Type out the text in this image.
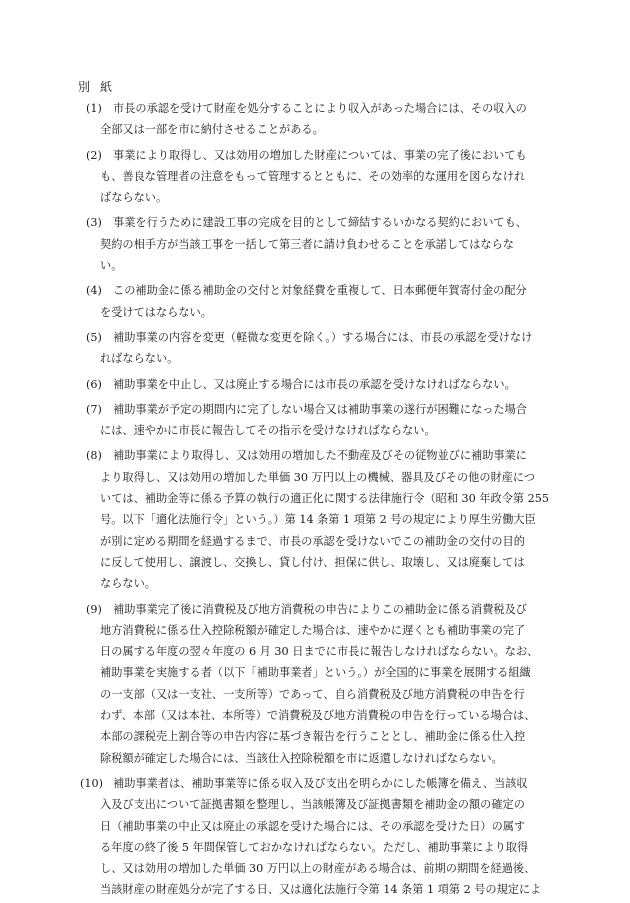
別紙
(1) 市長の承認を受けて財産を処分することにより収入があった場合には、その収入の
全部又は一部を市に納付させることがある。
(2) 事業により取得し、又は効用の増加した財産については、事業の完了後においても
も、善良な管理者の注意をもって管理するとともに、その効率的な運用を図らなけれ
ばならない。
(3) 事業を行うために建設工事の完成を目的として締結するいかなる契約においても、
契約の相手方が当該工事を一括して第三者に請け負わせることを承諾してはならな
い。
(4) この補助金に係る補助金の交付と対象経費を重複して、日本郵便年賀寄付金の配分
を受けてはならない。
(5) 補助事業の内容を変更（軽微な変更を除く。）する場合には、市長の承認を受けなけ
ればならない。
(6) 補助事業を中止し、又は廃止する場合には市長の承認を受けなければならない。
(7) 補助事業が予定の期間内に完了しない場合又は補助事業の遂行が困難になった場合
には、速やかに市長に報告してその指示を受けなければならない。
(8) 補助事業により取得し、又は効用の増加した不動産及びその従物並びに補助事業に
より取得し、又は効用の増加した単価 30 万円以上の機械、器具及びその他の財産につ
いては、補助金等に係る予算の執行の適正化に関する法律施行令（昭和 30 年政令第 255
号。以下「適化法施行令」という。）第 14 条第 1 項第 2 号の規定により厚生労働大臣
が別に定める期間を経過するまで、市長の承認を受けないでこの補助金の交付の目的
に反して使用し、譲渡し、交換し、貸し付け、担保に供し、取壊し、又は廃棄しては
ならない。
(9) 補助事業完了後に消費税及び地方消費税の申告によりこの補助金に係る消費税及び
地方消費税に係る仕入控除税額が確定した場合は、速やかに遅くとも補助事業の完了
日の属する年度の翌々年度の 6 月 30 日までに市長に報告しなければならない。なお、
補助事業を実施する者（以下「補助事業者」という。）が全国的に事業を展開する組織
の一支部（又は一支社、一支所等）であって、自ら消費税及び地方消費税の申告を行
わず、本部（又は本社、本所等）で消費税及び地方消費税の申告を行っている場合は、
本部の課税売上割合等の申告内容に基づき報告を行うこととし、補助金に係る仕入控
除税額が確定した場合には、当該仕入控除税額を市に返還しなければならない。
(10) 補助事業者は、補助事業等に係る収入及び支出を明らかにした帳簿を備え、当該収
入及び支出について証拠書類を整理し、当該帳簿及び証拠書類を補助金の額の確定の
日（補助事業の中止又は廃止の承認を受けた場合には、その承認を受けた日）の属す
る年度の終了後 5 年間保管しておかなければならない。ただし、補助事業により取得
し、又は効用の増加した単価 30 万円以上の財産がある場合は、前期の期間を経過後、
当該財産の財産処分が完了する日、又は適化法施行令第 14 条第 1 項第 2 号の規定によ
